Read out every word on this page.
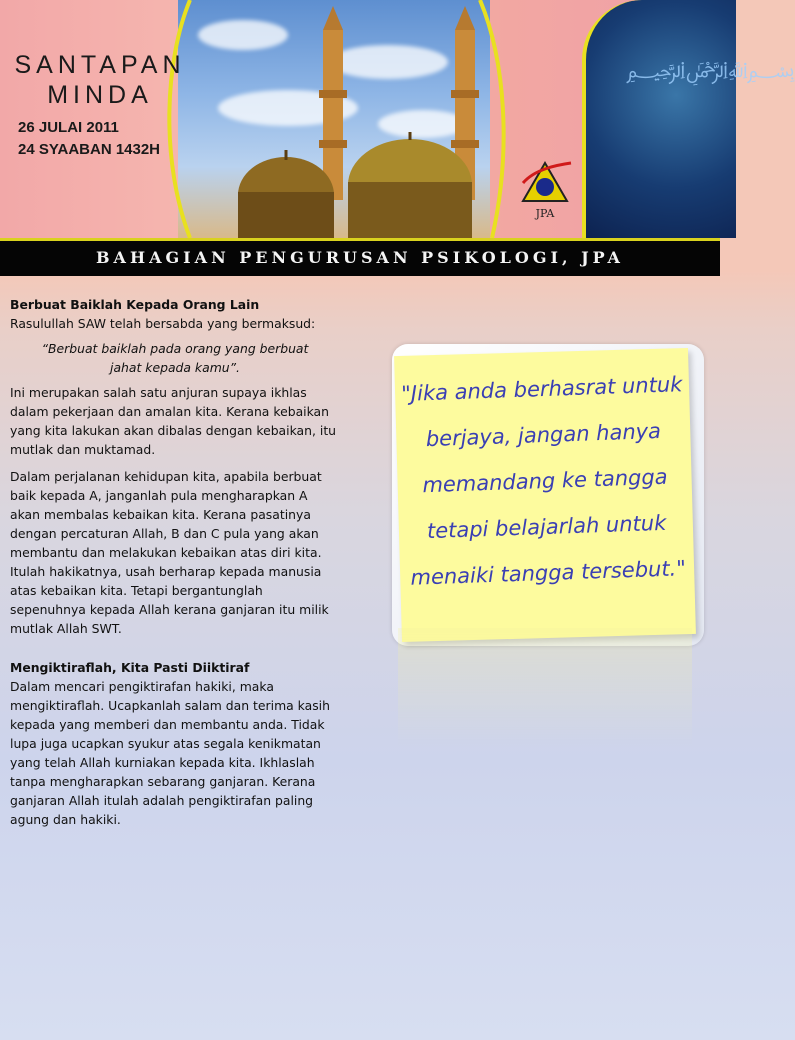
﷽
SANTAPAN
MINDA
26 JULAI 2011
24 SYAABAN 1432H
JPA
BAHAGIAN PENGURUSAN PSIKOLOGI, JPA

Berbuat Baiklah Kepada Orang Lain

Rasulullah SAW telah bersabda yang bermaksud:

“Berbuat baiklah pada orang yang berbuat jahat kepada kamu”.

Ini merupakan salah satu anjuran supaya ikhlas dalam pekerjaan dan amalan kita. Kerana kebaikan yang kita lakukan akan dibalas dengan kebaikan, itu mutlak dan muktamad.

Dalam perjalanan kehidupan kita, apabila berbuat baik kepada A, janganlah pula mengharapkan A akan membalas kebaikan kita. Kerana pasatinya dengan percaturan Allah, B dan C pula yang akan membantu dan melakukan kebaikan atas diri kita. Itulah hakikatnya, usah berharap kepada manusia atas kebaikan kita. Tetapi bergantunglah sepenuhnya kepada Allah kerana ganjaran itu milik mutlak Allah SWT.

Mengiktiraflah, Kita Pasti Diiktiraf

Dalam mencari pengiktirafan hakiki, maka mengiktiraflah. Ucapkanlah salam dan terima kasih kepada yang memberi dan membantu anda. Tidak lupa juga ucapkan syukur atas segala kenikmatan yang telah Allah kurniakan kepada kita. Ikhlaslah tanpa mengharapkan sebarang ganjaran. Kerana ganjaran Allah itulah adalah pengiktirafan paling agung dan hakiki.

"Jika anda berhasrat untuk berjaya, jangan hanya memandang ke tangga tetapi belajarlah untuk menaiki tangga tersebut."
